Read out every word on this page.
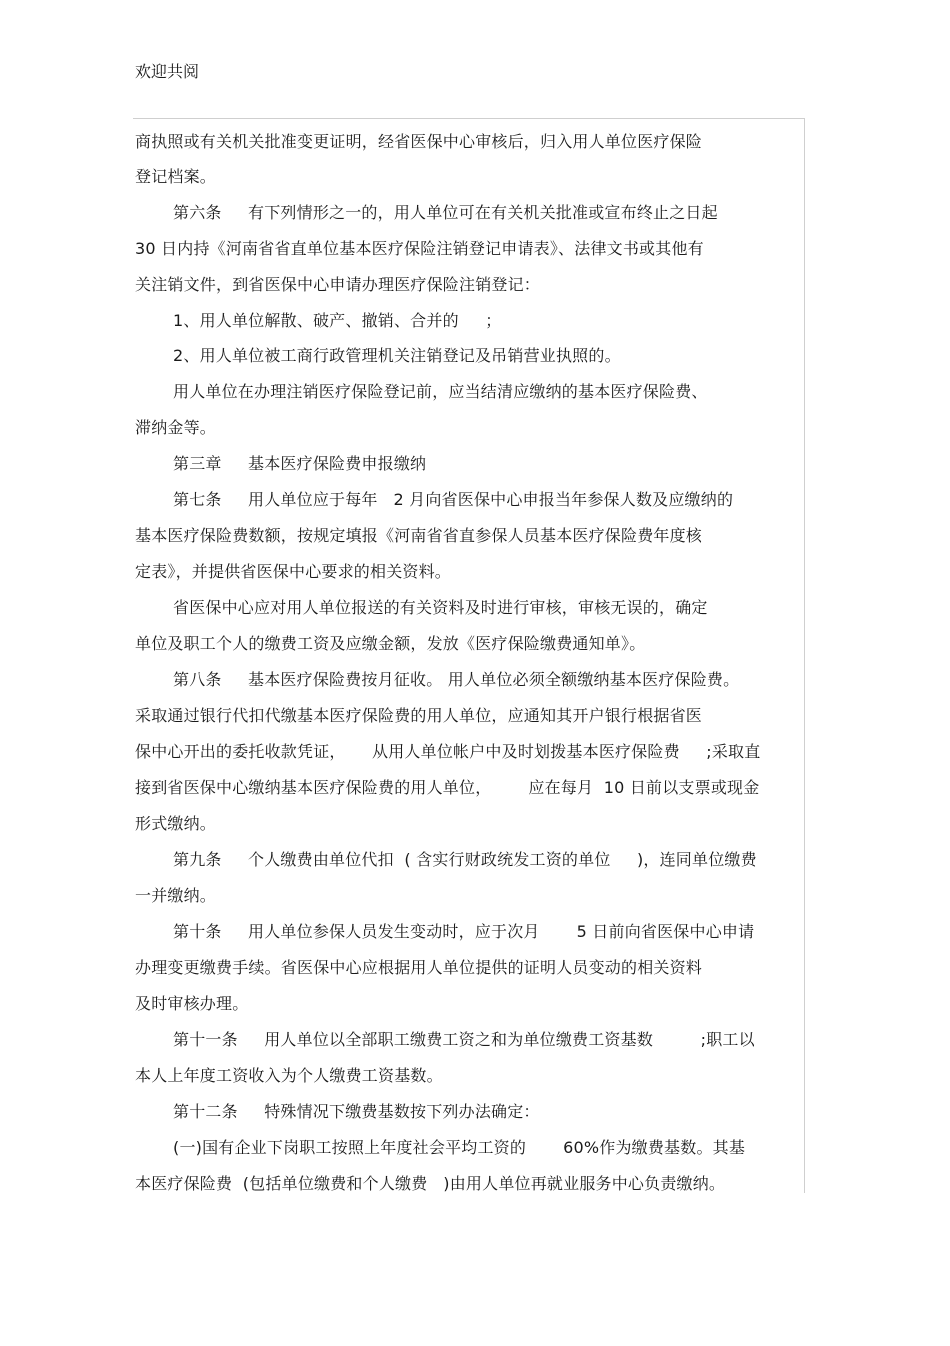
欢迎共阅
商执照或有关机关批准变更证明，经省医保中心审核后，归入用人单位医疗保险
登记档案。
第六条     有下列情形之一的，用人单位可在有关机关批准或宣布终止之日起
30 日内持《河南省省直单位基本医疗保险注销登记申请表》、法律文书或其他有
关注销文件，到省医保中心申请办理医疗保险注销登记：
1、用人单位解散、破产、撤销、合并的     ；
2、用人单位被工商行政管理机关注销登记及吊销营业执照的。
用人单位在办理注销医疗保险登记前，应当结清应缴纳的基本医疗保险费、
滞纳金等。
第三章     基本医疗保险费申报缴纳
第七条     用人单位应于每年   2 月向省医保中心申报当年参保人数及应缴纳的
基本医疗保险费数额，按规定填报《河南省省直参保人员基本医疗保险费年度核
定表》，并提供省医保中心要求的相关资料。
省医保中心应对用人单位报送的有关资料及时进行审核，审核无误的，确定
单位及职工个人的缴费工资及应缴金额，发放《医疗保险缴费通知单》。
第八条     基本医疗保险费按月征收。 用人单位必须全额缴纳基本医疗保险费。
采取通过银行代扣代缴基本医疗保险费的用人单位，应通知其开户银行根据省医
保中心开出的委托收款凭证，     从用人单位帐户中及时划拨基本医疗保险费     ;采取直
接到省医保中心缴纳基本医疗保险费的用人单位，       应在每月  10 日前以支票或现金
形式缴纳。
第九条     个人缴费由单位代扣  ( 含实行财政统发工资的单位     )，连同单位缴费
一并缴纳。
第十条     用人单位参保人员发生变动时，应于次月       5 日前向省医保中心申请
办理变更缴费手续。省医保中心应根据用人单位提供的证明人员变动的相关资料
及时审核办理。
第十一条     用人单位以全部职工缴费工资之和为单位缴费工资基数         ;职工以
本人上年度工资收入为个人缴费工资基数。
第十二条     特殊情况下缴费基数按下列办法确定：
(一)国有企业下岗职工按照上年度社会平均工资的       60%作为缴费基数。其基
本医疗保险费  (包括单位缴费和个人缴费   )由用人单位再就业服务中心负责缴纳。
